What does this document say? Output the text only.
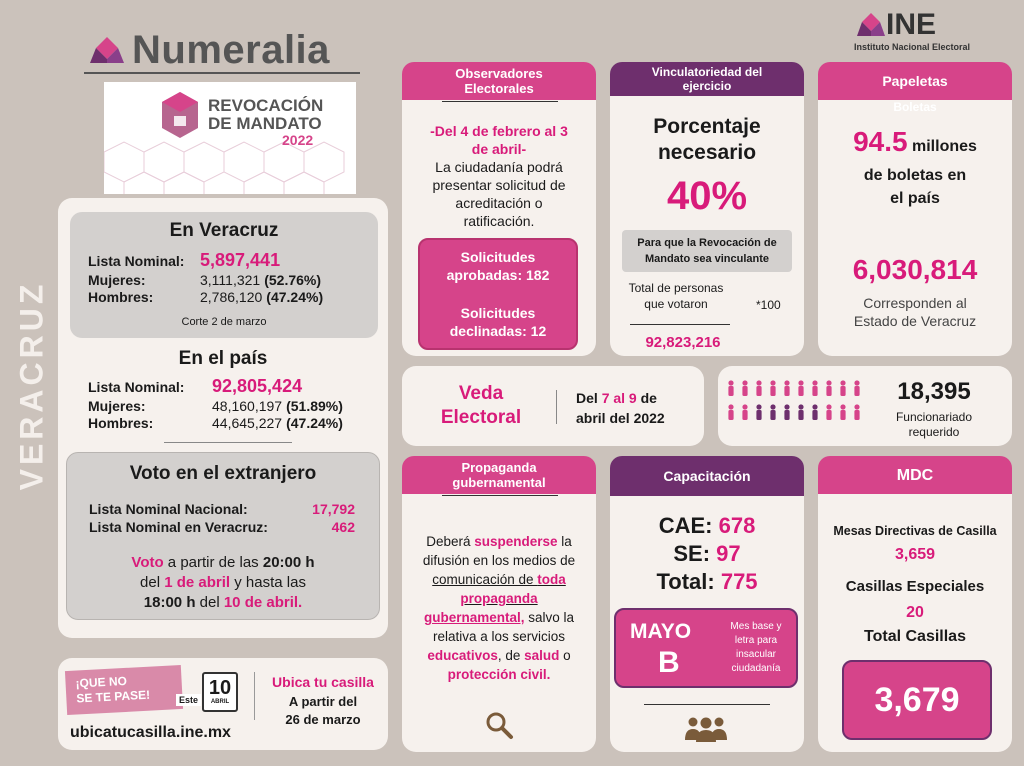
Numeralia
INE
Instituto Nacional Electoral
REVOCACIÓN
DE MANDATO
2022
VERACRUZ
En Veracruz
Lista Nominal: 5,897,441
Mujeres:	3,111,321 (52.76%)
Hombres:	2,786,120 (47.24%)
Corte 2 de marzo
En el país
Lista Nominal:	92,805,424
Mujeres:	48,160,197 (51.89%)
Hombres:	44,645,227 (47.24%)
Voto en el extranjero
Lista Nominal Nacional:	17,792
Lista Nominal en Veracruz:	462
Voto a partir de las 20:00 h
del 1 de abril y hasta las
18:00 h del 10 de abril.
¡QUE NO
SE TE PASE!	Este
10
ABRIL
Ubica tu casilla
A partir del
26 de marzo
ubicatucasilla.ine.mx
Observadores
Electorales
-Del 4 de febrero al 3
de abril-
La ciudadanía podrá
presentar solicitud de
acreditación o
ratificación.
Solicitudes
aprobadas: 182
Solicitudes
declinadas: 12
Vinculatoriedad del
ejercicio
Porcentaje
necesario
40%
Para que la Revocación de
Mandato sea vinculante
Total de personas
que votaron	*100
92,823,216
Papeletas
Boletas
94.5 millones
de boletas en
el país
6,030,814
Corresponden al
Estado de Veracruz
Veda
Electoral
Del 7 al 9 de
abril del 2022
18,395
Funcionariado
requerido
Propaganda
gubernamental
Deberá suspenderse la
difusión en los medios de
comunicación de toda
propaganda
gubernamental, salvo la
relativa a los servicios
educativos, de salud o
protección civil.
Capacitación
CAE: 678
SE: 97
Total: 775
MAYO
B
Mes base y
letra para
insacular
ciudadanía
MDC
Mesas Directivas de Casilla
3,659
Casillas Especiales
20
Total Casillas
3,679
